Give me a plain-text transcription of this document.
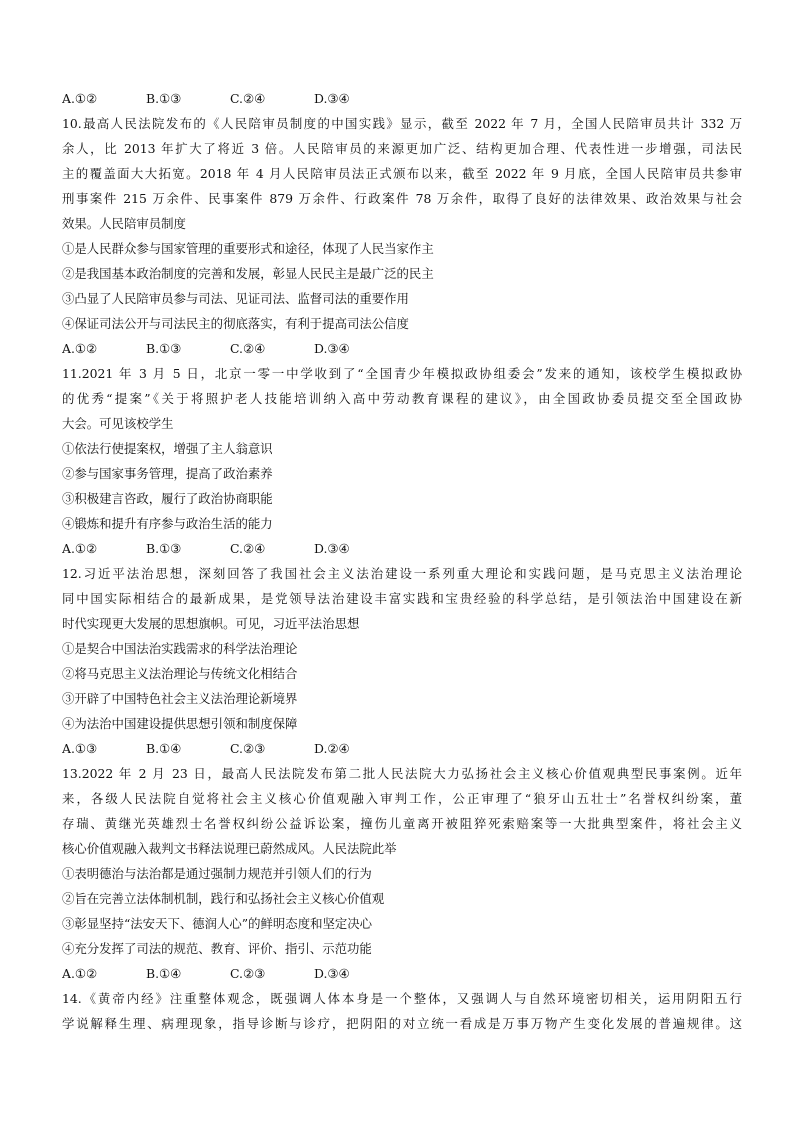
A.①②	B.①③	C.②④	D.③④
10.最高人民法院发布的《人民陪审员制度的中国实践》显示，截至 2022 年 7 月，全国人民陪审员共计 332 万
余人，比 2013 年扩大了将近 3 倍。人民陪审员的来源更加广泛、结构更加合理、代表性进一步增强，司法民
主的覆盖面大大拓宽。2018 年 4 月人民陪审员法正式颁布以来，截至 2022 年 9 月底，全国人民陪审员共参审
刑事案件 215 万余件、民事案件 879 万余件、行政案件 78 万余件，取得了良好的法律效果、政治效果与社会
效果。人民陪审员制度
①是人民群众参与国家管理的重要形式和途径，体现了人民当家作主
②是我国基本政治制度的完善和发展，彰显人民民主是最广泛的民主
③凸显了人民陪审员参与司法、见证司法、监督司法的重要作用
④保证司法公开与司法民主的彻底落实，有利于提高司法公信度
A.①②	B.①③	C.②④	D.③④
11.2021 年 3 月 5 日，北京一零一中学收到了“全国青少年模拟政协组委会”发来的通知，该校学生模拟政协
的优秀“提案”《关于将照护老人技能培训纳入高中劳动教育课程的建议》，由全国政协委员提交至全国政协
大会。可见该校学生
①依法行使提案权，增强了主人翁意识
②参与国家事务管理，提高了政治素养
③积极建言咨政，履行了政治协商职能
④锻炼和提升有序参与政治生活的能力
A.①②	B.①③	C.②④	D.③④
12.习近平法治思想，深刻回答了我国社会主义法治建设一系列重大理论和实践问题，是马克思主义法治理论
同中国实际相结合的最新成果，是党领导法治建设丰富实践和宝贵经验的科学总结，是引领法治中国建设在新
时代实现更大发展的思想旗帜。可见，习近平法治思想
①是契合中国法治实践需求的科学法治理论
②将马克思主义法治理论与传统文化相结合
③开辟了中国特色社会主义法治理论新境界
④为法治中国建设提供思想引领和制度保障
A.①③	B.①④	C.②③	D.②④
13.2022 年 2 月 23 日，最高人民法院发布第二批人民法院大力弘扬社会主义核心价值观典型民事案例。近年
来，各级人民法院自觉将社会主义核心价值观融入审判工作，公正审理了“狼牙山五壮士”名誉权纠纷案，董
存瑞、黄继光英雄烈士名誉权纠纷公益诉讼案，撞伤儿童离开被阻猝死索赔案等一大批典型案件，将社会主义
核心价值观融入裁判文书释法说理已蔚然成风。人民法院此举
①表明德治与法治都是通过强制力规范并引领人们的行为
②旨在完善立法体制机制，践行和弘扬社会主义核心价值观
③彰显坚持“法安天下、德润人心”的鲜明态度和坚定决心
④充分发挥了司法的规范、教育、评价、指引、示范功能
A.①②	B.①④	C.②③	D.③④
14.《黄帝内经》注重整体观念，既强调人体本身是一个整体，又强调人与自然环境密切相关，运用阴阳五行
学说解释生理、病理现象，指导诊断与诊疗，把阴阳的对立统一看成是万事万物产生变化发展的普遍规律。这
